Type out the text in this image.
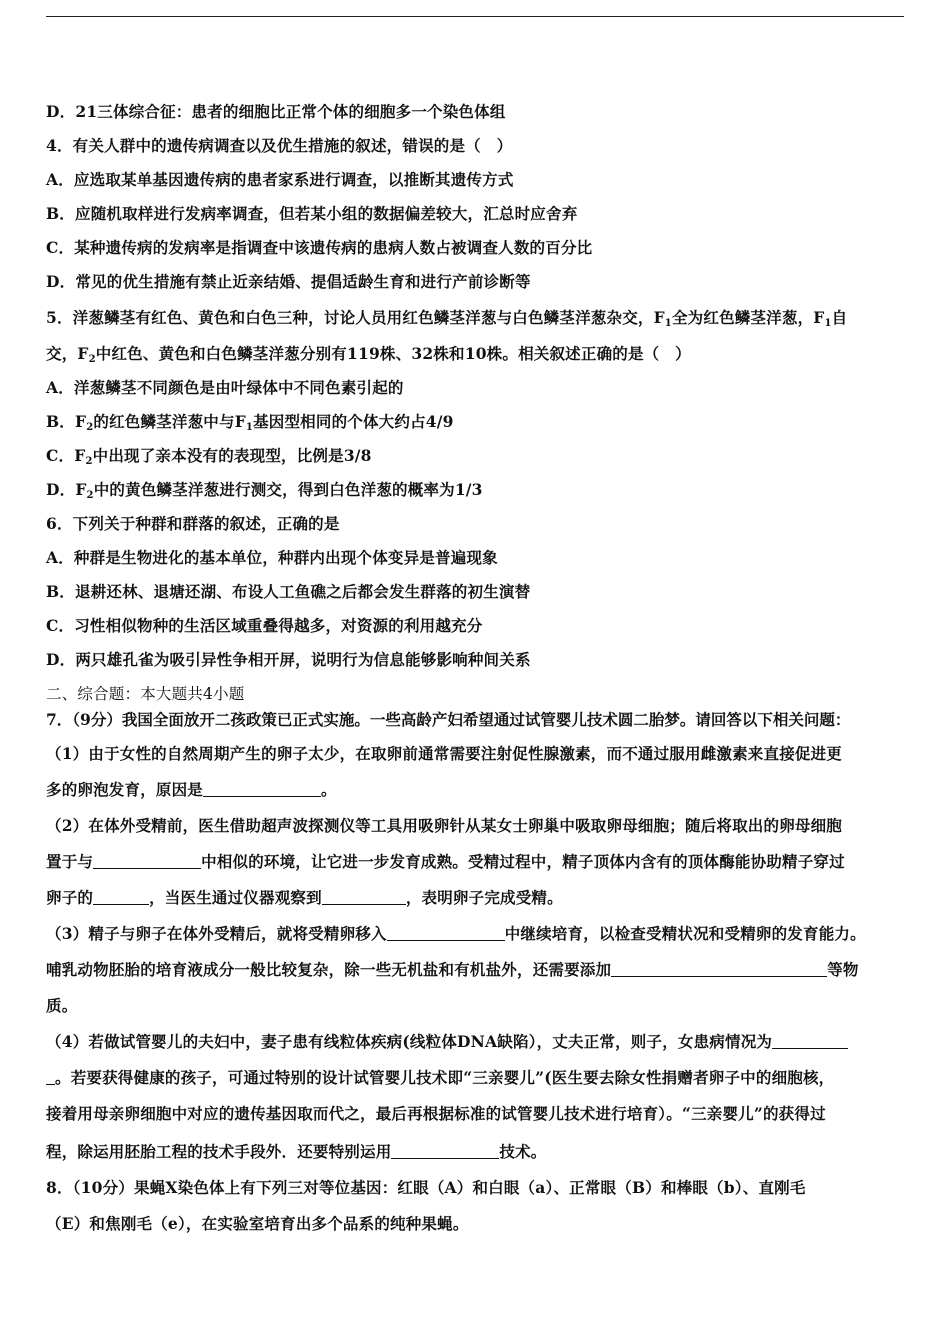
D．21三体综合征：患者的细胞比正常个体的细胞多一个染色体组
4．有关人群中的遗传病调查以及优生措施的叙述，错误的是（　）
A．应选取某单基因遗传病的患者家系进行调查，以推断其遗传方式
B．应随机取样进行发病率调查，但若某小组的数据偏差较大，汇总时应舍弃
C．某种遗传病的发病率是指调查中该遗传病的患病人数占被调查人数的百分比
D．常见的优生措施有禁止近亲结婚、提倡适龄生育和进行产前诊断等
5．洋葱鳞茎有红色、黄色和白色三种，讨论人员用红色鳞茎洋葱与白色鳞茎洋葱杂交，$F_1$全为红色鳞茎洋葱，$F_1$自
交，$F_2$中红色、黄色和白色鳞茎洋葱分别有119株、32株和10株。相关叙述正确的是（　）
A．洋葱鳞茎不同颜色是由叶绿体中不同色素引起的
B．$F_2$的红色鳞茎洋葱中与$F_1$基因型相同的个体大约占4/9
C．$F_2$中出现了亲本没有的表现型，比例是3/8
D．$F_2$中的黄色鳞茎洋葱进行测交，得到白色洋葱的概率为1/3
6．下列关于种群和群落的叙述，正确的是
A．种群是生物进化的基本单位，种群内出现个体变异是普遍现象
B．退耕还林、退塘还湖、布设人工鱼礁之后都会发生群落的初生演替
C．习性相似物种的生活区域重叠得越多，对资源的利用越充分
D．两只雄孔雀为吸引异性争相开屏，说明行为信息能够影响种间关系
二、综合题：本大题共4小题
7．（9分）我国全面放开二孩政策已正式实施。一些高龄产妇希望通过试管婴儿技术圆二胎梦。请回答以下相关问题：
（1）由于女性的自然周期产生的卵子太少，在取卵前通常需要注射促性腺激素，而不通过服用雌激素来直接促进更
多的卵泡发育，原因是	。
（2）在体外受精前，医生借助超声波探测仪等工具用吸卵针从某女士卵巢中吸取卵母细胞；随后将取出的卵母细胞
置于与	中相似的环境，让它进一步发育成熟。受精过程中，精子顶体内含有的顶体酶能协助精子穿过
卵子的	，当医生通过仪器观察到	，表明卵子完成受精。
（3）精子与卵子在体外受精后，就将受精卵移入	中继续培育，以检查受精状况和受精卵的发育能力。
哺乳动物胚胎的培育液成分一般比较复杂，除一些无机盐和有机盐外，还需要添加	等物
质。
（4）若做试管婴儿的夫妇中，妻子患有线粒体疾病(线粒体DNA缺陷），丈夫正常，则子，女患病情况为
。若要获得健康的孩子，可通过特别的设计试管婴儿技术即“三亲婴儿”(医生要去除女性捐赠者卵子中的细胞核，
接着用母亲卵细胞中对应的遗传基因取而代之，最后再根据标准的试管婴儿技术进行培育）。“三亲婴儿”的获得过
程，除运用胚胎工程的技术手段外．还要特别运用	技术。
8．（10分）果蝇X染色体上有下列三对等位基因：红眼（A）和白眼（a）、正常眼（B）和棒眼（b）、直刚毛
（E）和焦刚毛（e），在实验室培育出多个品系的纯种果蝇。
